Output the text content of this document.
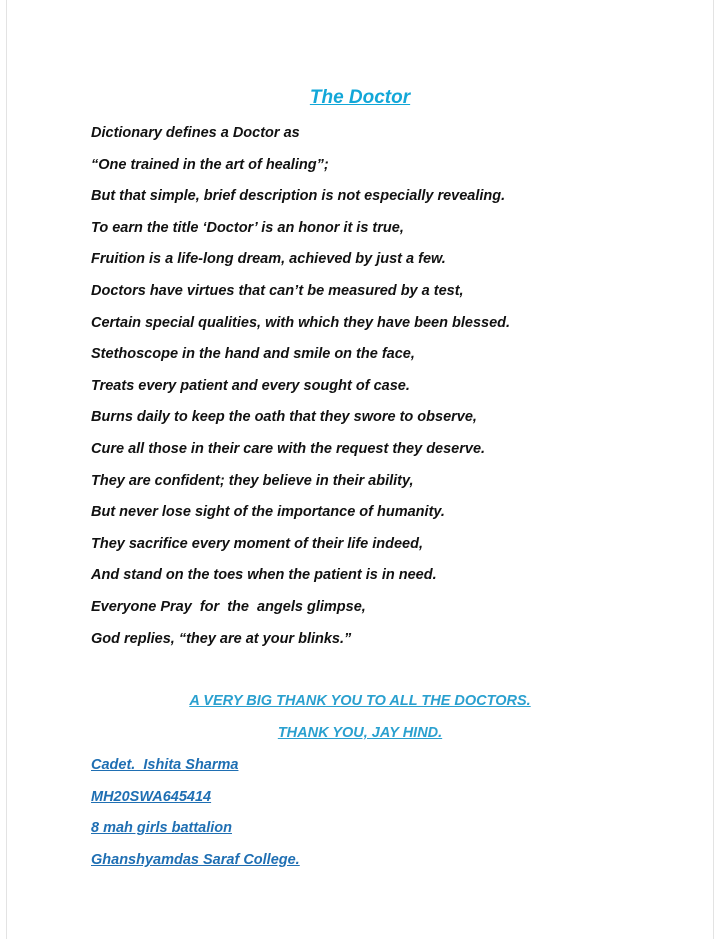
The Doctor
Dictionary defines a Doctor as
“One trained in the art of healing”;
But that simple, brief description is not especially revealing.
To earn the title ‘Doctor’ is an honor it is true,
Fruition is a life-long dream, achieved by just a few.
Doctors have virtues that can’t be measured by a test,
Certain special qualities, with which they have been blessed.
Stethoscope in the hand and smile on the face,
Treats every patient and every sought of case.
Burns daily to keep the oath that they swore to observe,
Cure all those in their care with the request they deserve.
They are confident; they believe in their ability,
But never lose sight of the importance of humanity.
They sacrifice every moment of their life indeed,
And stand on the toes when the patient is in need.
Everyone Pray  for  the  angels glimpse,
God replies, “they are at your blinks.”
A VERY BIG THANK YOU TO ALL THE DOCTORS.
THANK YOU, JAY HIND.
Cadet.  Ishita Sharma
MH20SWA645414
8 mah girls battalion
Ghanshyamdas Saraf College.
